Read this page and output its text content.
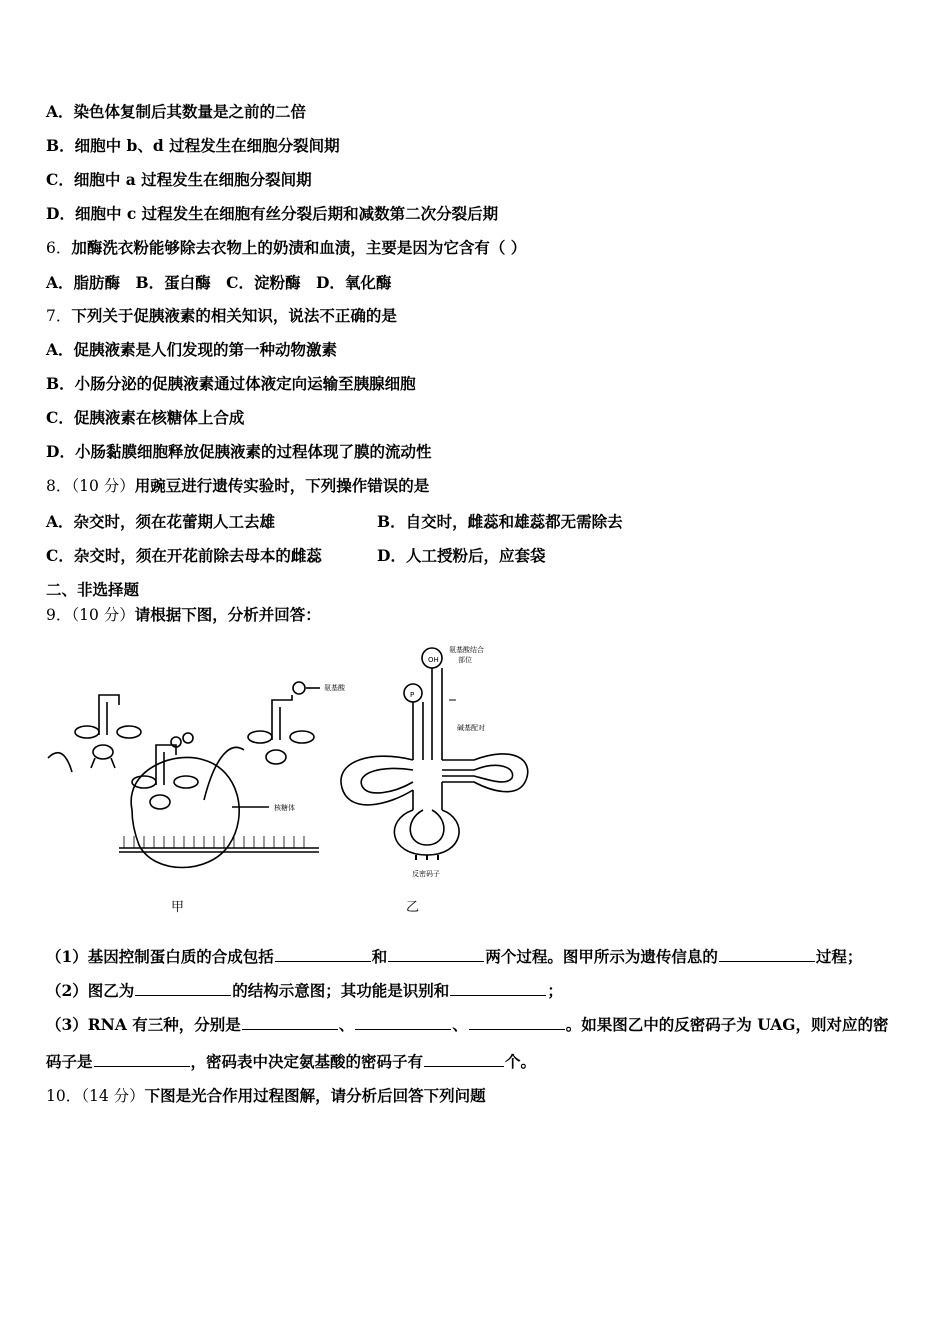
A．染色体复制后其数量是之前的二倍
B．细胞中 b、d 过程发生在细胞分裂间期
C．细胞中 a 过程发生在细胞分裂间期
D．细胞中 c 过程发生在细胞有丝分裂后期和减数第二次分裂后期
6．加酶洗衣粉能够除去衣物上的奶渍和血渍，主要是因为它含有（ ）
A．脂肪酶　B．蛋白酶　C．淀粉酶　D．氧化酶
7．下列关于促胰液素的相关知识，说法不正确的是
A．促胰液素是人们发现的第一种动物激素
B．小肠分泌的促胰液素通过体液定向运输至胰腺细胞
C．促胰液素在核糖体上合成
D．小肠黏膜细胞释放促胰液素的过程体现了膜的流动性
8．（10 分）用豌豆进行遗传实验时，下列操作错误的是
A．杂交时，须在花蕾期人工去雄	B．自交时，雌蕊和雄蕊都无需除去
C．杂交时，须在开花前除去母本的雌蕊	D．人工授粉后，应套袋
二、非选择题
9．（10 分）请根据下图，分析并回答：
OH
P
氨基酸结合
部位
碱基配对
反密码子
氨基酸
核糖体
甲	乙
（1）基因控制蛋白质的合成包括	和	两个过程。图甲所示为遗传信息的	过程；
（2）图乙为	的结构示意图；其功能是识别和	；
（3）RNA 有三种，分别是	、	、	。如果图乙中的反密码子为 UAG，则对应的密
码子是	，密码表中决定氨基酸的密码子有	个。
10．（14 分）下图是光合作用过程图解，请分析后回答下列问题
